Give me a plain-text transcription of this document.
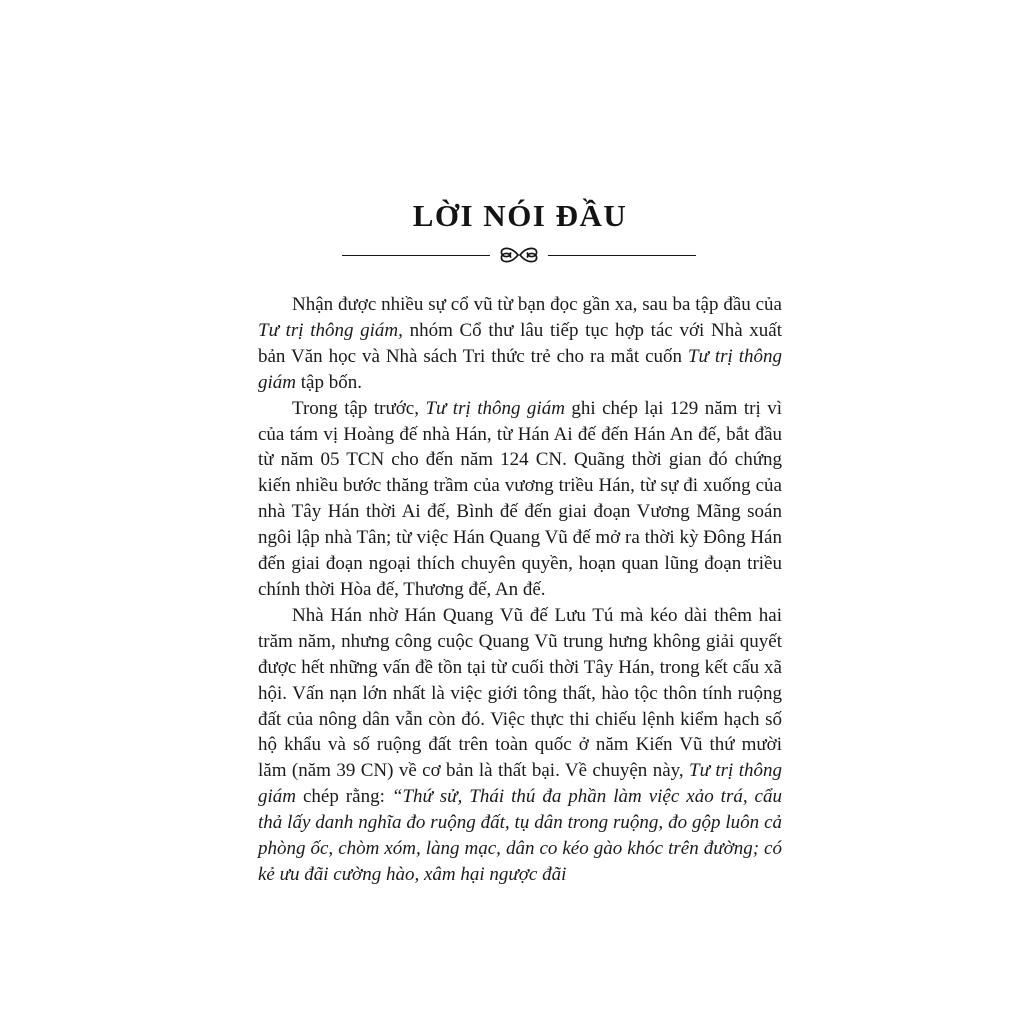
LỜI NÓI ĐẦU

Nhận được nhiều sự cổ vũ từ bạn đọc gần xa, sau ba tập đầu của Tư trị thông giám, nhóm Cổ thư lâu tiếp tục hợp tác với Nhà xuất bản Văn học và Nhà sách Tri thức trẻ cho ra mắt cuốn Tư trị thông giám tập bốn.

Trong tập trước, Tư trị thông giám ghi chép lại 129 năm trị vì của tám vị Hoàng đế nhà Hán, từ Hán Ai đế đến Hán An đế, bắt đầu từ năm 05 TCN cho đến năm 124 CN. Quãng thời gian đó chứng kiến nhiều bước thăng trầm của vương triều Hán, từ sự đi xuống của nhà Tây Hán thời Ai đế, Bình đế đến giai đoạn Vương Mãng soán ngôi lập nhà Tân; từ việc Hán Quang Vũ đế mở ra thời kỳ Đông Hán đến giai đoạn ngoại thích chuyên quyền, hoạn quan lũng đoạn triều chính thời Hòa đế, Thương đế, An đế.

Nhà Hán nhờ Hán Quang Vũ đế Lưu Tú mà kéo dài thêm hai trăm năm, nhưng công cuộc Quang Vũ trung hưng không giải quyết được hết những vấn đề tồn tại từ cuối thời Tây Hán, trong kết cấu xã hội. Vấn nạn lớn nhất là việc giới tông thất, hào tộc thôn tính ruộng đất của nông dân vẫn còn đó. Việc thực thi chiếu lệnh kiểm hạch số hộ khẩu và số ruộng đất trên toàn quốc ở năm Kiến Vũ thứ mười lăm (năm 39 CN) về cơ bản là thất bại. Về chuyện này, Tư trị thông giám chép rằng: “Thứ sử, Thái thú đa phần làm việc xảo trá, cẩu thả lấy danh nghĩa đo ruộng đất, tụ dân trong ruộng, đo gộp luôn cả phòng ốc, chòm xóm, làng mạc, dân co kéo gào khóc trên đường; có kẻ ưu đãi cường hào, xâm hại ngược đãi
